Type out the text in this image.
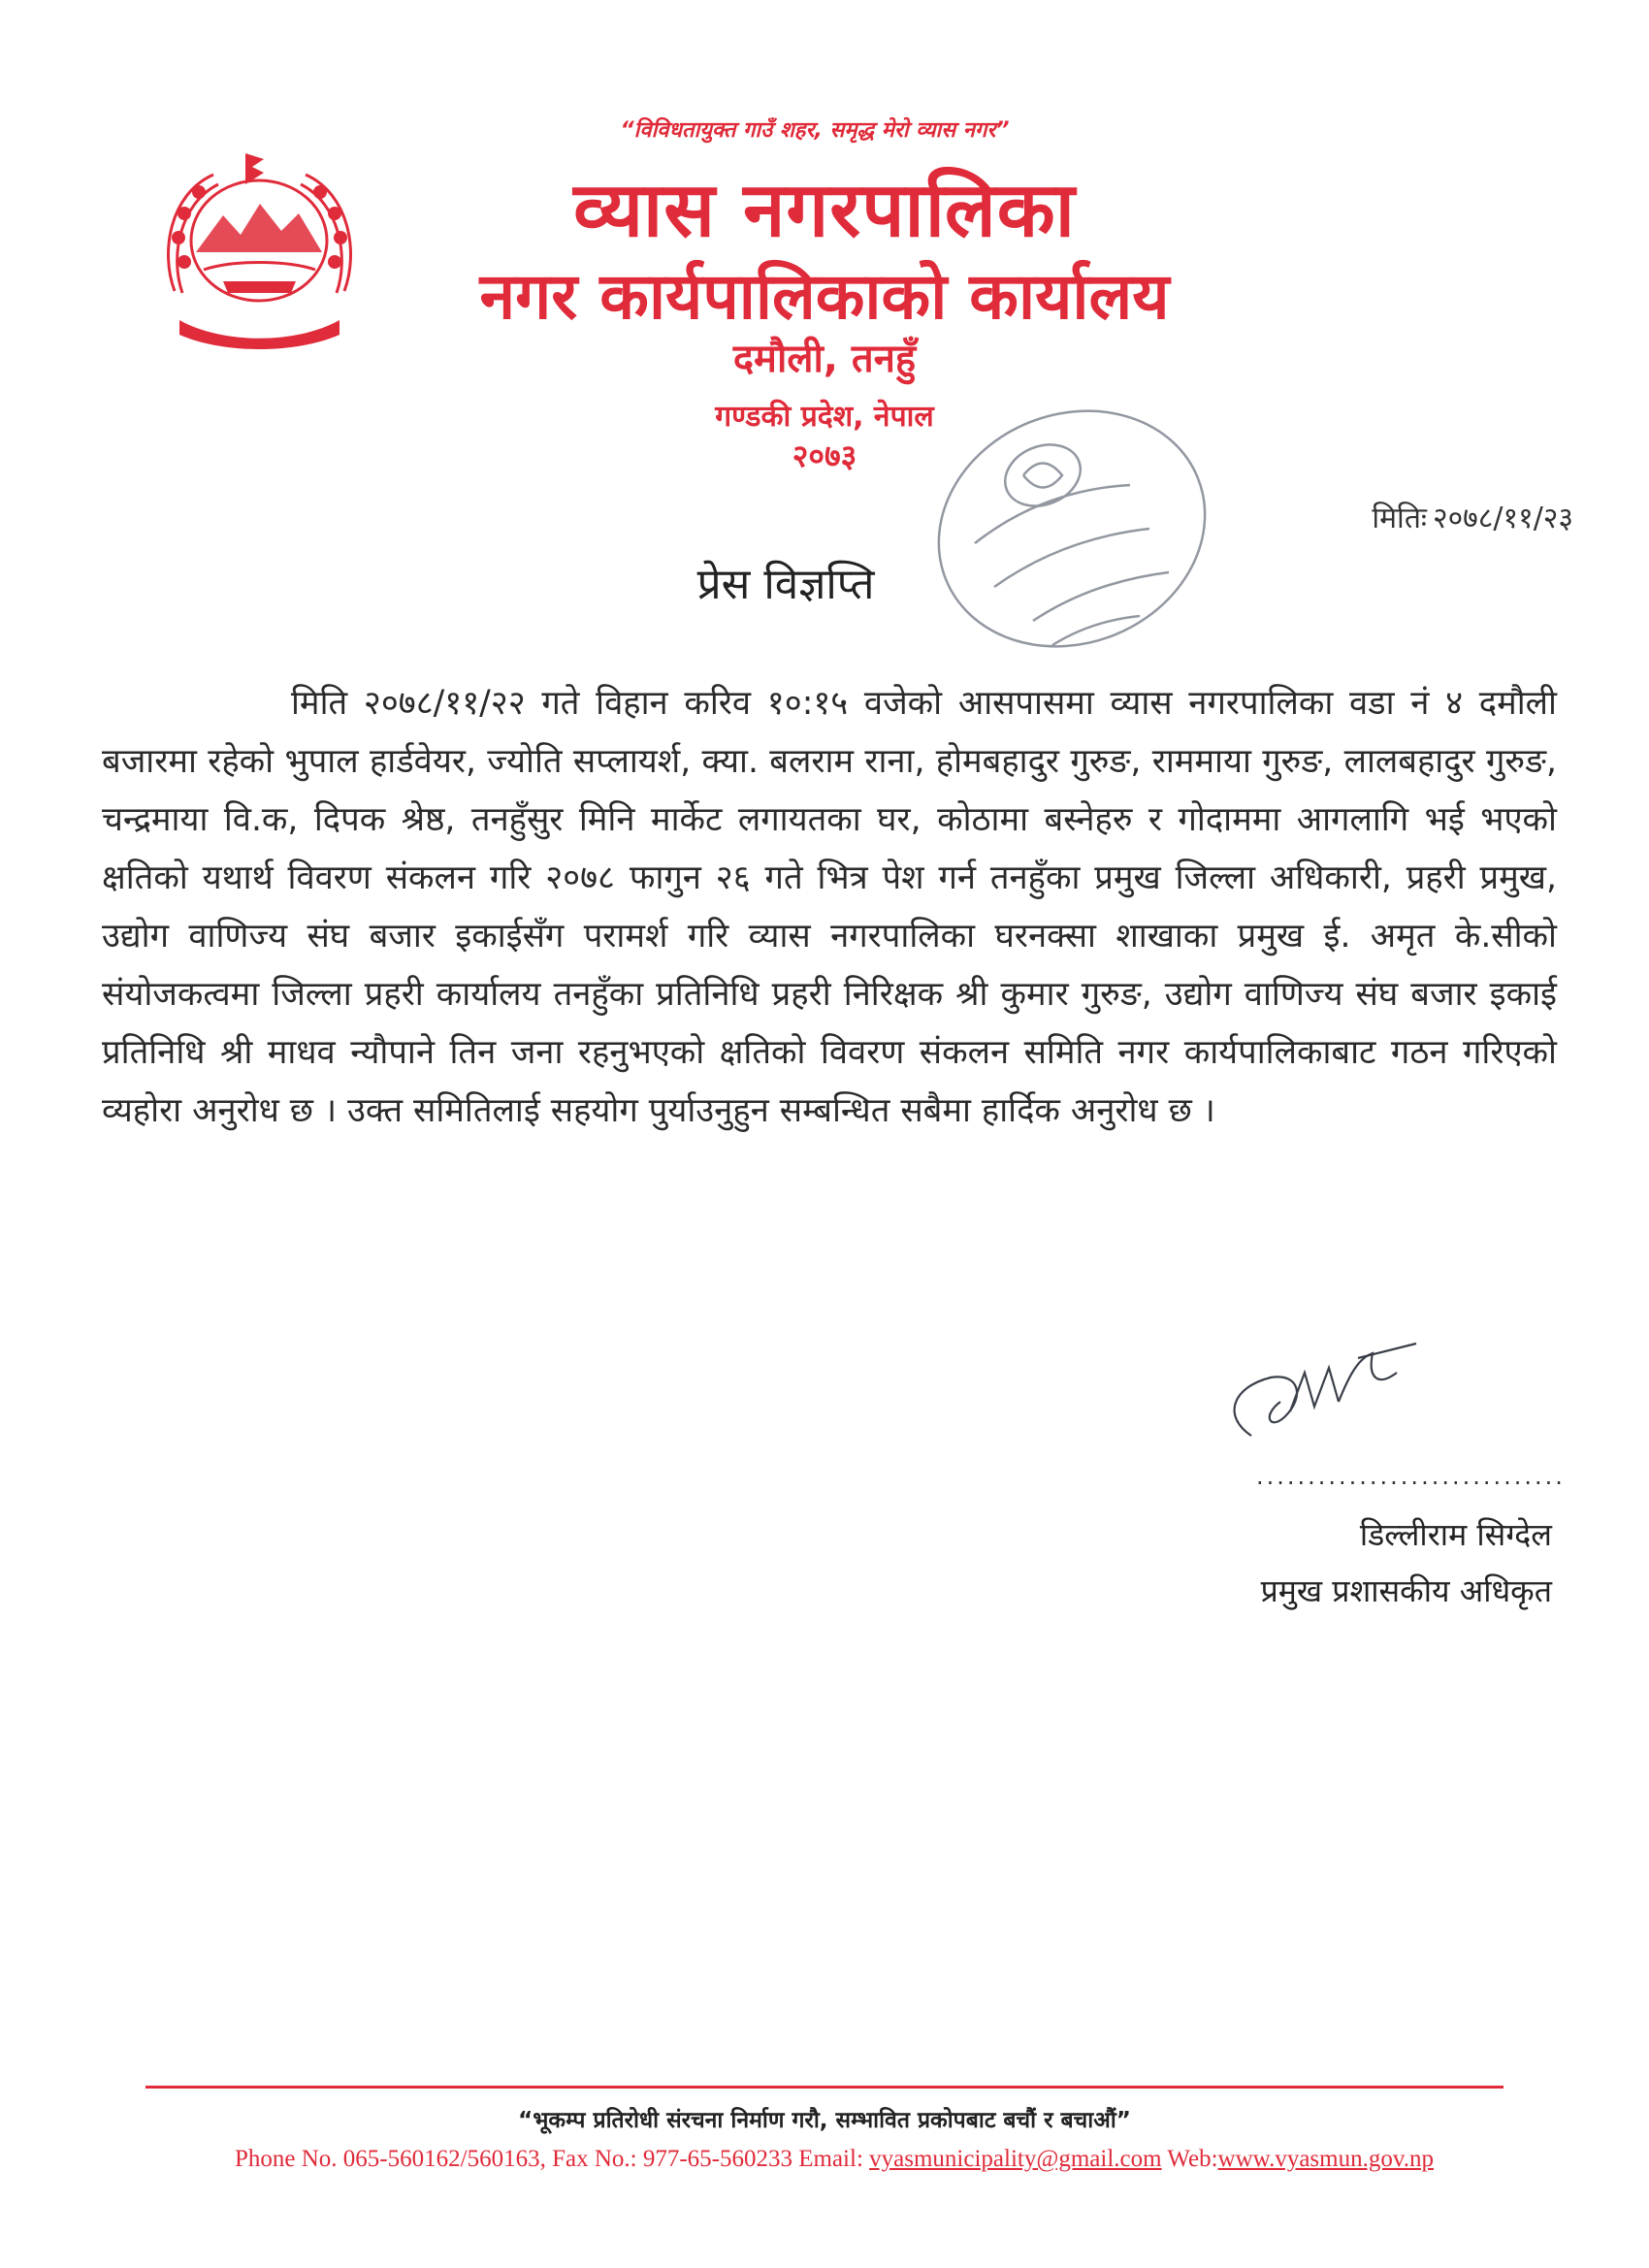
“विविधतायुक्त गाउँ शहर, समृद्ध मेरो व्यास नगर”
व्यास नगरपालिका
नगर कार्यपालिकाको कार्यालय
दमौली, तनहुँ
गण्डकी प्रदेश, नेपाल
२०७३
मितिः २०७८/११/२३
प्रेस विज्ञप्ति
मिति २०७८/११/२२ गते विहान करिव १०:१५ वजेको आसपासमा व्यास नगरपालिका वडा नं ४ दमौली बजारमा रहेको भुपाल हार्डवेयर, ज्योति सप्लायर्श, क्या. बलराम राना, होमबहादुर गुरुङ, राममाया गुरुङ, लालबहादुर गुरुङ, चन्द्रमाया वि.क, दिपक श्रेष्ठ, तनहुँसुर मिनि मार्केट लगायतका घर, कोठामा बस्नेहरु र गोदाममा आगलागि भई भएको क्षतिको यथार्थ विवरण संकलन गरि २०७८ फागुन २६ गते भित्र पेश गर्न तनहुँका प्रमुख जिल्ला अधिकारी, प्रहरी प्रमुख, उद्योग वाणिज्य संघ बजार इकाईसँग परामर्श गरि व्यास नगरपालिका घरनक्सा शाखाका प्रमुख ई. अमृत के.सीको संयोजकत्वमा जिल्ला प्रहरी कार्यालय तनहुँका प्रतिनिधि प्रहरी निरिक्षक श्री कुमार गुरुङ, उद्योग वाणिज्य संघ बजार इकाई प्रतिनिधि श्री माधव न्यौपाने तिन जना रहनुभएको क्षतिको विवरण संकलन समिति नगर कार्यपालिकाबाट गठन गरिएको व्यहोरा अनुरोध छ । उक्त समितिलाई सहयोग पुर्याउनुहुन सम्बन्धित सबैमा हार्दिक अनुरोध छ ।
..............................
डिल्लीराम सिग्देल
प्रमुख प्रशासकीय अधिकृत
“भूकम्प प्रतिरोधी संरचना निर्माण गरौ, सम्भावित प्रकोपबाट बचौं र बचाऔं”
Phone No. 065-560162/560163, Fax No.: 977-65-560233 Email: vyasmunicipality@gmail.com Web:www.vyasmun.gov.np
